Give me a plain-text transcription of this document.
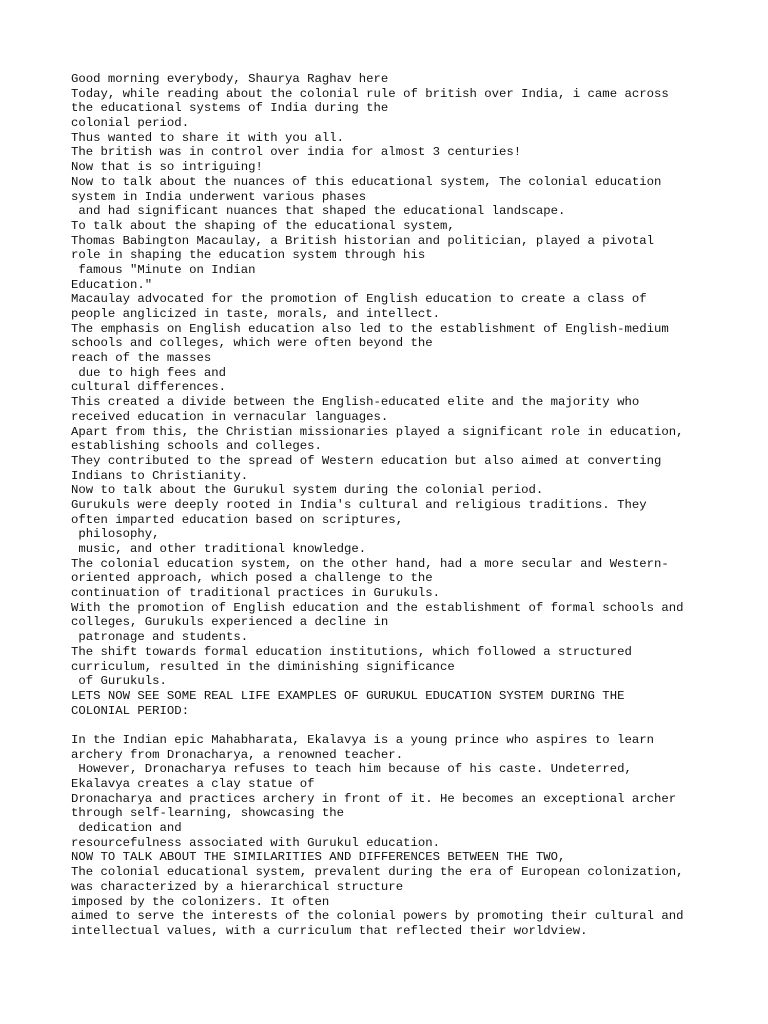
Good morning everybody, Shaurya Raghav here
Today, while reading about the colonial rule of british over India, i came across
the educational systems of India during the
colonial period.
Thus wanted to share it with you all.
The british was in control over india for almost 3 centuries!
Now that is so intriguing!
Now to talk about the nuances of this educational system, The colonial education
system in India underwent various phases
and had significant nuances that shaped the educational landscape.
To talk about the shaping of the educational system,
Thomas Babington Macaulay, a British historian and politician, played a pivotal
role in shaping the education system through his
famous "Minute on Indian
Education."
Macaulay advocated for the promotion of English education to create a class of
people anglicized in taste, morals, and intellect.
The emphasis on English education also led to the establishment of English-medium
schools and colleges, which were often beyond the
reach of the masses
due to high fees and
cultural differences.
This created a divide between the English-educated elite and the majority who
received education in vernacular languages.
Apart from this, the Christian missionaries played a significant role in education,
establishing schools and colleges.
They contributed to the spread of Western education but also aimed at converting
Indians to Christianity.
Now to talk about the Gurukul system during the colonial period.
Gurukuls were deeply rooted in India's cultural and religious traditions. They
often imparted education based on scriptures,
philosophy,
music, and other traditional knowledge.
The colonial education system, on the other hand, had a more secular and Western-
oriented approach, which posed a challenge to the
continuation of traditional practices in Gurukuls.
With the promotion of English education and the establishment of formal schools and
colleges, Gurukuls experienced a decline in
patronage and students.
The shift towards formal education institutions, which followed a structured
curriculum, resulted in the diminishing significance
of Gurukuls.
LETS NOW SEE SOME REAL LIFE EXAMPLES OF GURUKUL EDUCATION SYSTEM DURING THE
COLONIAL PERIOD:
In the Indian epic Mahabharata, Ekalavya is a young prince who aspires to learn
archery from Dronacharya, a renowned teacher.
However, Dronacharya refuses to teach him because of his caste. Undeterred,
Ekalavya creates a clay statue of
Dronacharya and practices archery in front of it. He becomes an exceptional archer
through self-learning, showcasing the
dedication and
resourcefulness associated with Gurukul education.
NOW TO TALK ABOUT THE SIMILARITIES AND DIFFERENCES BETWEEN THE TWO,
The colonial educational system, prevalent during the era of European colonization,
was characterized by a hierarchical structure
imposed by the colonizers. It often
aimed to serve the interests of the colonial powers by promoting their cultural and
intellectual values, with a curriculum that reflected their worldview.
